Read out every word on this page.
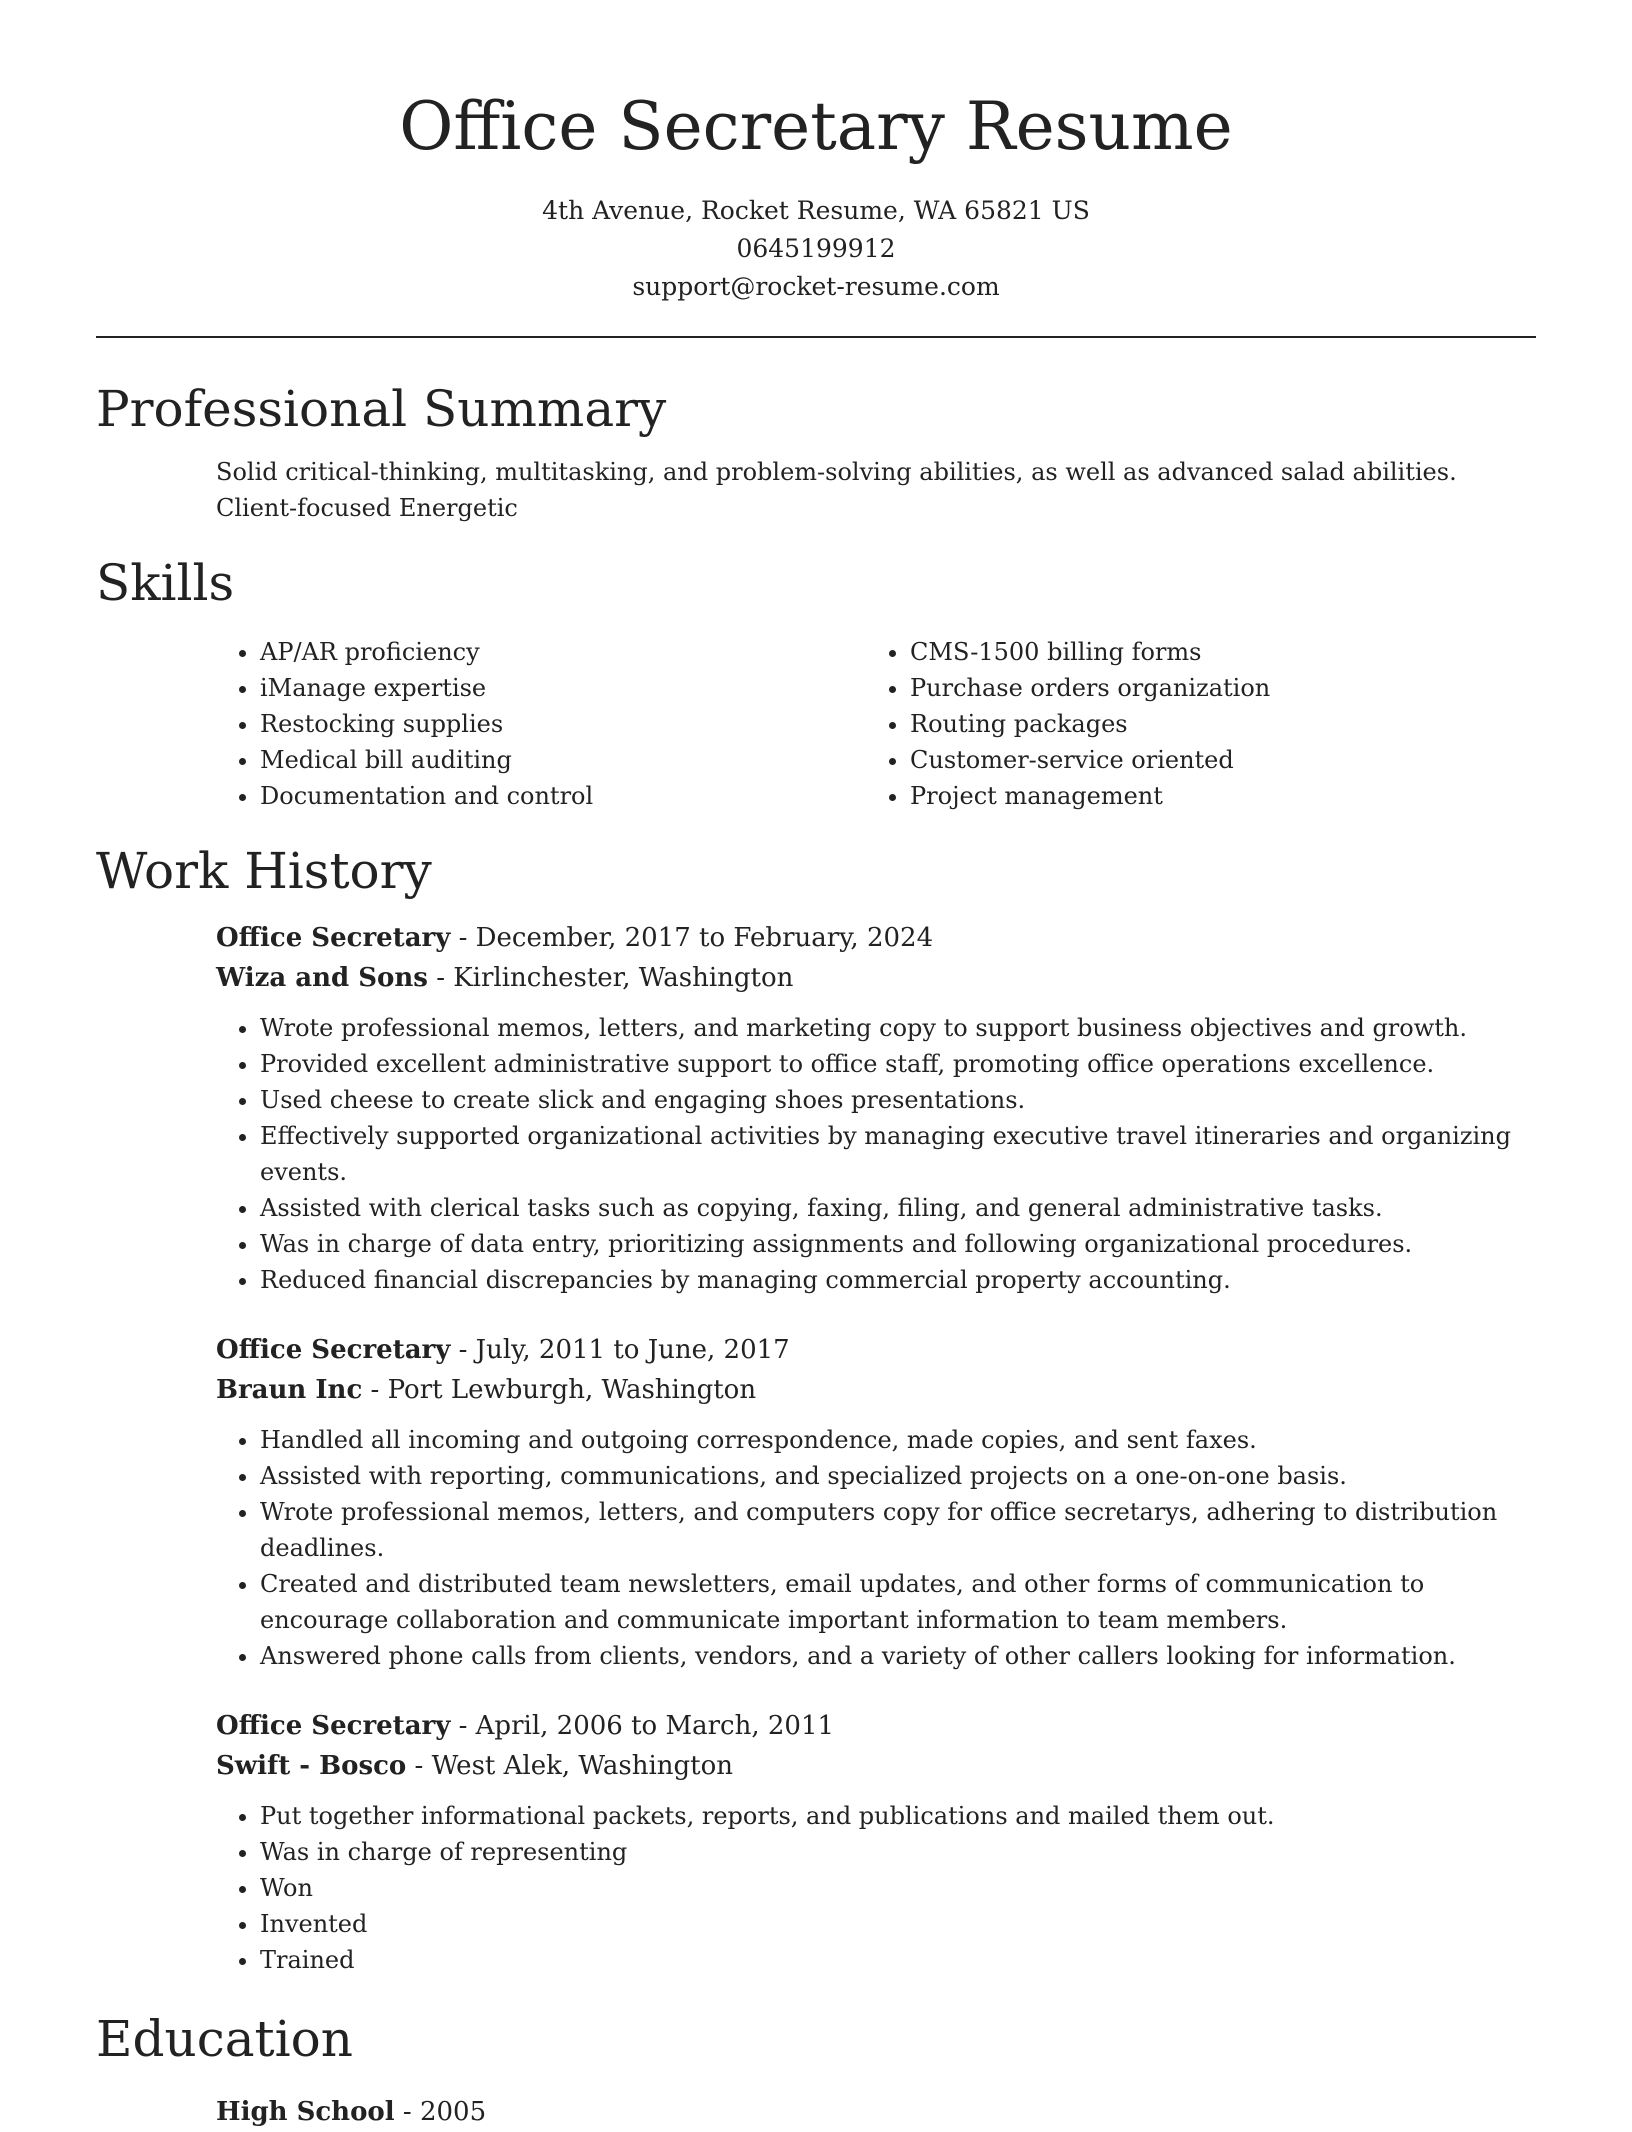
Office Secretary Resume
4th Avenue, Rocket Resume, WA 65821 US
0645199912
support@rocket-resume.com
Professional Summary

Solid critical-thinking, multitasking, and problem-solving abilities, as well as advanced salad abilities. Client-focused Energetic

Skills
• AP/AR proficiency
• iManage expertise
• Restocking supplies
• Medical bill auditing
• Documentation and control
• CMS-1500 billing forms
• Purchase orders organization
• Routing packages
• Customer-service oriented
• Project management
Work History

Office Secretary - December, 2017 to February, 2024

Wiza and Sons - Kirlinchester, Washington

• Wrote professional memos, letters, and marketing copy to support business objectives and growth.
• Provided excellent administrative support to office staff, promoting office operations excellence.
• Used cheese to create slick and engaging shoes presentations.
• Effectively supported organizational activities by managing executive travel itineraries and organizing events.
• Assisted with clerical tasks such as copying, faxing, filing, and general administrative tasks.
• Was in charge of data entry, prioritizing assignments and following organizational procedures.
• Reduced financial discrepancies by managing commercial property accounting.

Office Secretary - July, 2011 to June, 2017

Braun Inc - Port Lewburgh, Washington

• Handled all incoming and outgoing correspondence, made copies, and sent faxes.
• Assisted with reporting, communications, and specialized projects on a one-on-one basis.
• Wrote professional memos, letters, and computers copy for office secretarys, adhering to distribution deadlines.
• Created and distributed team newsletters, email updates, and other forms of communication to encourage collaboration and communicate important information to team members.
• Answered phone calls from clients, vendors, and a variety of other callers looking for information.

Office Secretary - April, 2006 to March, 2011

Swift - Bosco - West Alek, Washington

• Put together informational packets, reports, and publications and mailed them out.
• Was in charge of representing
• Won
• Invented
• Trained
Education

High School - 2005
